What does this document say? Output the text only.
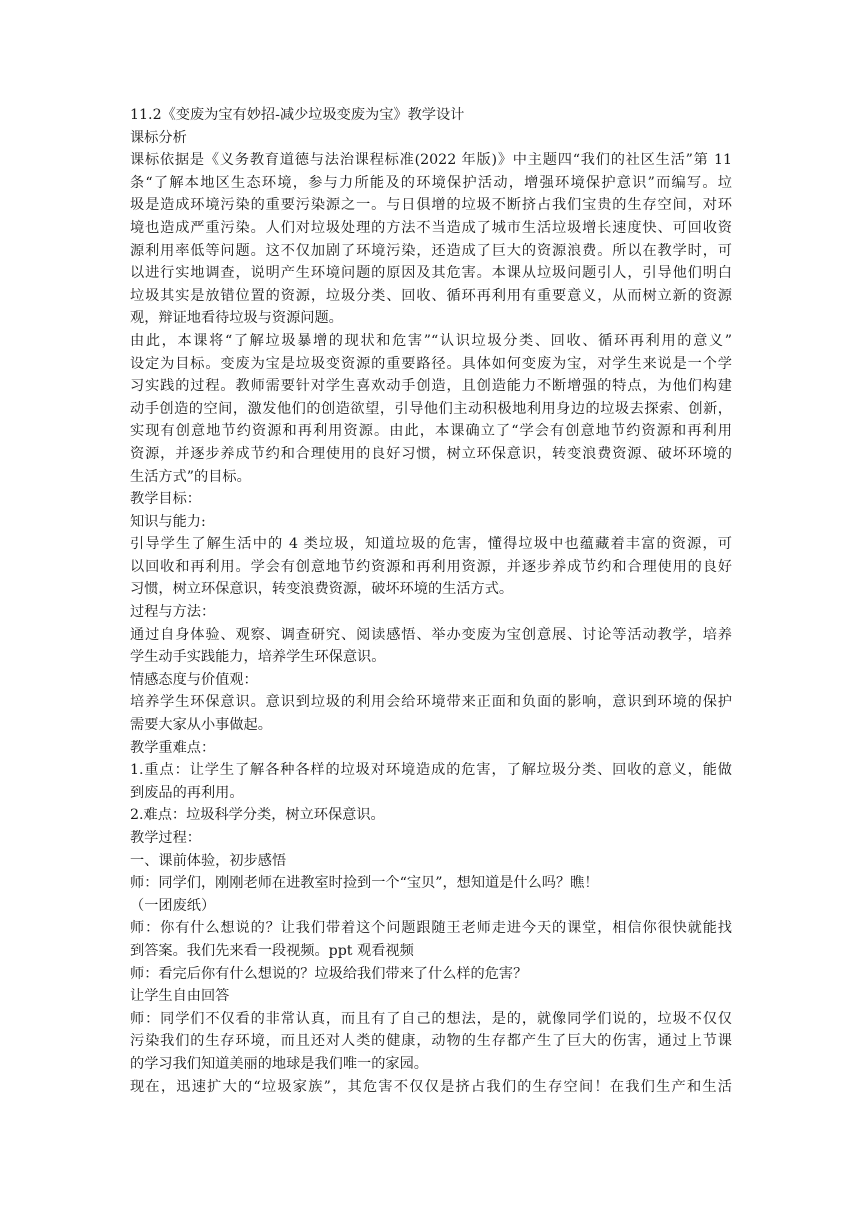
11.2《变废为宝有妙招-减少垃圾变废为宝》教学设计
课标分析
课标依据是《义务教育道德与法治课程标准(2022 年版)》中主题四“我们的社区生活”第 11
条“了解本地区生态环境，参与力所能及的环境保护活动，增强环境保护意识”而编写。垃
圾是造成环境污染的重要污染源之一。与日俱增的垃圾不断挤占我们宝贵的生存空间，对环
境也造成严重污染。人们对垃圾处理的方法不当造成了城市生活垃圾增长速度快、可回收资
源利用率低等问题。这不仅加剧了环境污染，还造成了巨大的资源浪费。所以在教学时，可
以进行实地调查，说明产生环境问题的原因及其危害。本课从垃圾问题引人，引导他们明白
垃圾其实是放错位置的资源，垃圾分类、回收、循环再利用有重要意义，从而树立新的资源
观，辩证地看待垃圾与资源问题。
由此，本课将“了解垃圾暴增的现状和危害”“认识垃圾分类、回收、循环再利用的意义”
设定为目标。变废为宝是垃圾变资源的重要路径。具体如何变废为宝，对学生来说是一个学
习实践的过程。教师需要针对学生喜欢动手创造，且创造能力不断增强的特点，为他们构建
动手创造的空间，激发他们的创造欲望，引导他们主动积极地利用身边的垃圾去探索、创新，
实现有创意地节约资源和再利用资源。由此，本课确立了“学会有创意地节约资源和再利用
资源，并逐步养成节约和合理使用的良好习惯，树立环保意识，转变浪费资源、破坏环境的
生活方式”的目标。
教学目标：
知识与能力:
引导学生了解生活中的 4 类垃圾，知道垃圾的危害，懂得垃圾中也蕴藏着丰富的资源，可
以回收和再利用。学会有创意地节约资源和再利用资源，并逐步养成节约和合理使用的良好
习惯，树立环保意识，转变浪费资源，破坏环境的生活方式。
过程与方法：
通过自身体验、观察、调查研究、阅读感悟、举办变废为宝创意展、讨论等活动教学，培养
学生动手实践能力，培养学生环保意识。
情感态度与价值观：
培养学生环保意识。意识到垃圾的利用会给环境带来正面和负面的影响，意识到环境的保护
需要大家从小事做起。
教学重难点：
1.重点：让学生了解各种各样的垃圾对环境造成的危害，了解垃圾分类、回收的意义，能做
到废品的再利用。
2.难点：垃圾科学分类，树立环保意识。
教学过程：
一、课前体验，初步感悟
师：同学们，刚刚老师在进教室时捡到一个“宝贝”，想知道是什么吗？瞧！
（一团废纸）
师：你有什么想说的？让我们带着这个问题跟随王老师走进今天的课堂，相信你很快就能找
到答案。我们先来看一段视频。ppt 观看视频
师：看完后你有什么想说的？垃圾给我们带来了什么样的危害？
让学生自由回答
师：同学们不仅看的非常认真，而且有了自己的想法，是的，就像同学们说的，垃圾不仅仅
污染我们的生存环境，而且还对人类的健康，动物的生存都产生了巨大的伤害，通过上节课
的学习我们知道美丽的地球是我们唯一的家园。
现在，迅速扩大的“垃圾家族”，其危害不仅仅是挤占我们的生存空间！在我们生产和生活
